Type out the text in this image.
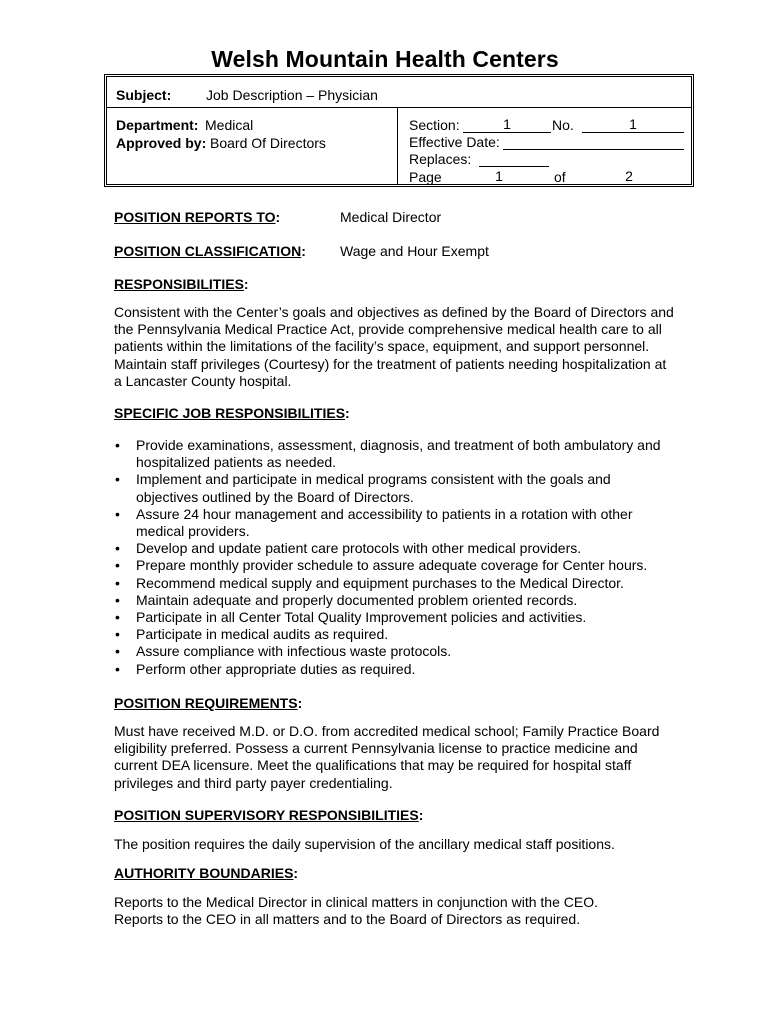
Welsh Mountain Health Centers
Subject: Job Description – Physician
Department: Medical
Approved by: Board Of Directors
Section:	1	No.	1
Effective Date:
Replaces:
Page	1	of	2
POSITION REPORTS TO:	Medical Director
POSITION CLASSIFICATION: Wage and Hour Exempt
RESPONSIBILITIES:
Consistent with the Center’s goals and objectives as defined by the Board of Directors and the Pennsylvania Medical Practice Act, provide comprehensive medical health care to all patients within the limitations of the facility’s space, equipment, and support personnel. Maintain staff privileges (Courtesy) for the treatment of patients needing hospitalization at a Lancaster County hospital.
SPECIFIC JOB RESPONSIBILITIES:
• Provide examinations, assessment, diagnosis, and treatment of both ambulatory and hospitalized patients as needed.
• Implement and participate in medical programs consistent with the goals and objectives outlined by the Board of Directors.
• Assure 24 hour management and accessibility to patients in a rotation with other medical providers.
• Develop and update patient care protocols with other medical providers.
• Prepare monthly provider schedule to assure adequate coverage for Center hours.
• Recommend medical supply and equipment purchases to the Medical Director.
• Maintain adequate and properly documented problem oriented records.
• Participate in all Center Total Quality Improvement policies and activities.
• Participate in medical audits as required.
• Assure compliance with infectious waste protocols.
• Perform other appropriate duties as required.
POSITION REQUIREMENTS:
Must have received M.D. or D.O. from accredited medical school; Family Practice Board eligibility preferred. Possess a current Pennsylvania license to practice medicine and current DEA licensure. Meet the qualifications that may be required for hospital staff privileges and third party payer credentialing.
POSITION SUPERVISORY RESPONSIBILITIES:
The position requires the daily supervision of the ancillary medical staff positions.
AUTHORITY BOUNDARIES:
Reports to the Medical Director in clinical matters in conjunction with the CEO.
Reports to the CEO in all matters and to the Board of Directors as required.
